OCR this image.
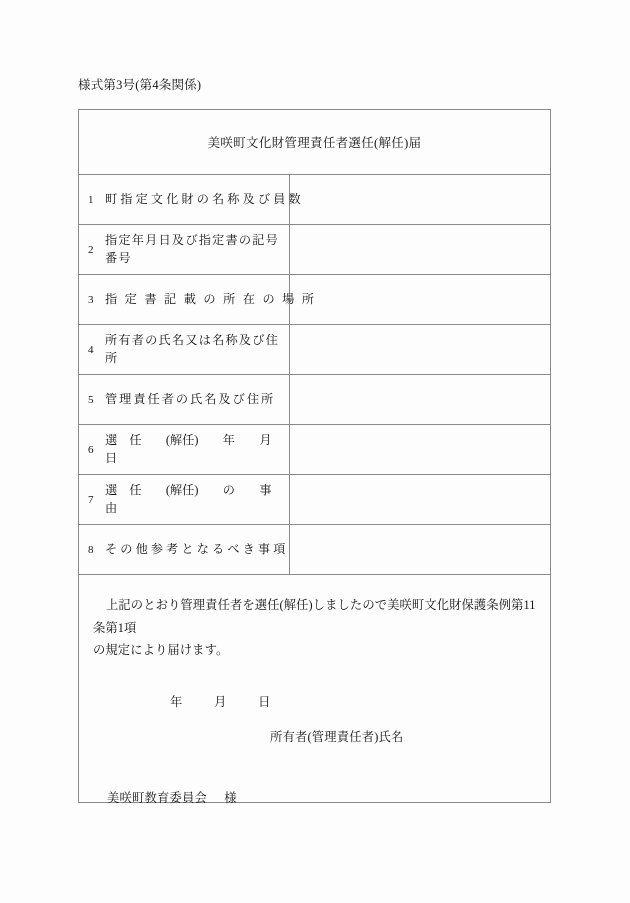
様式第3号(第4条関係)
美咲町文化財管理責任者選任(解任)届
1 町指定文化財の名称及び員数
2
指定年月日及び指定書の記号番号
3 指定書記載の所在の場所
4
所有者の氏名又は名称及び住所
5 管理責任者の氏名及び住所
6
選　任　　(解任)　　年　　月　　日
7
選　任　　(解任)　　の　　事　　由
8 その他参考となるべき事項

上記のとおり管理責任者を選任(解任)しましたので美咲町文化財保護条例第11条第1項

の規定により届けます。

年	月	日
所有者(管理責任者)氏名
美咲町教育委員会 様
